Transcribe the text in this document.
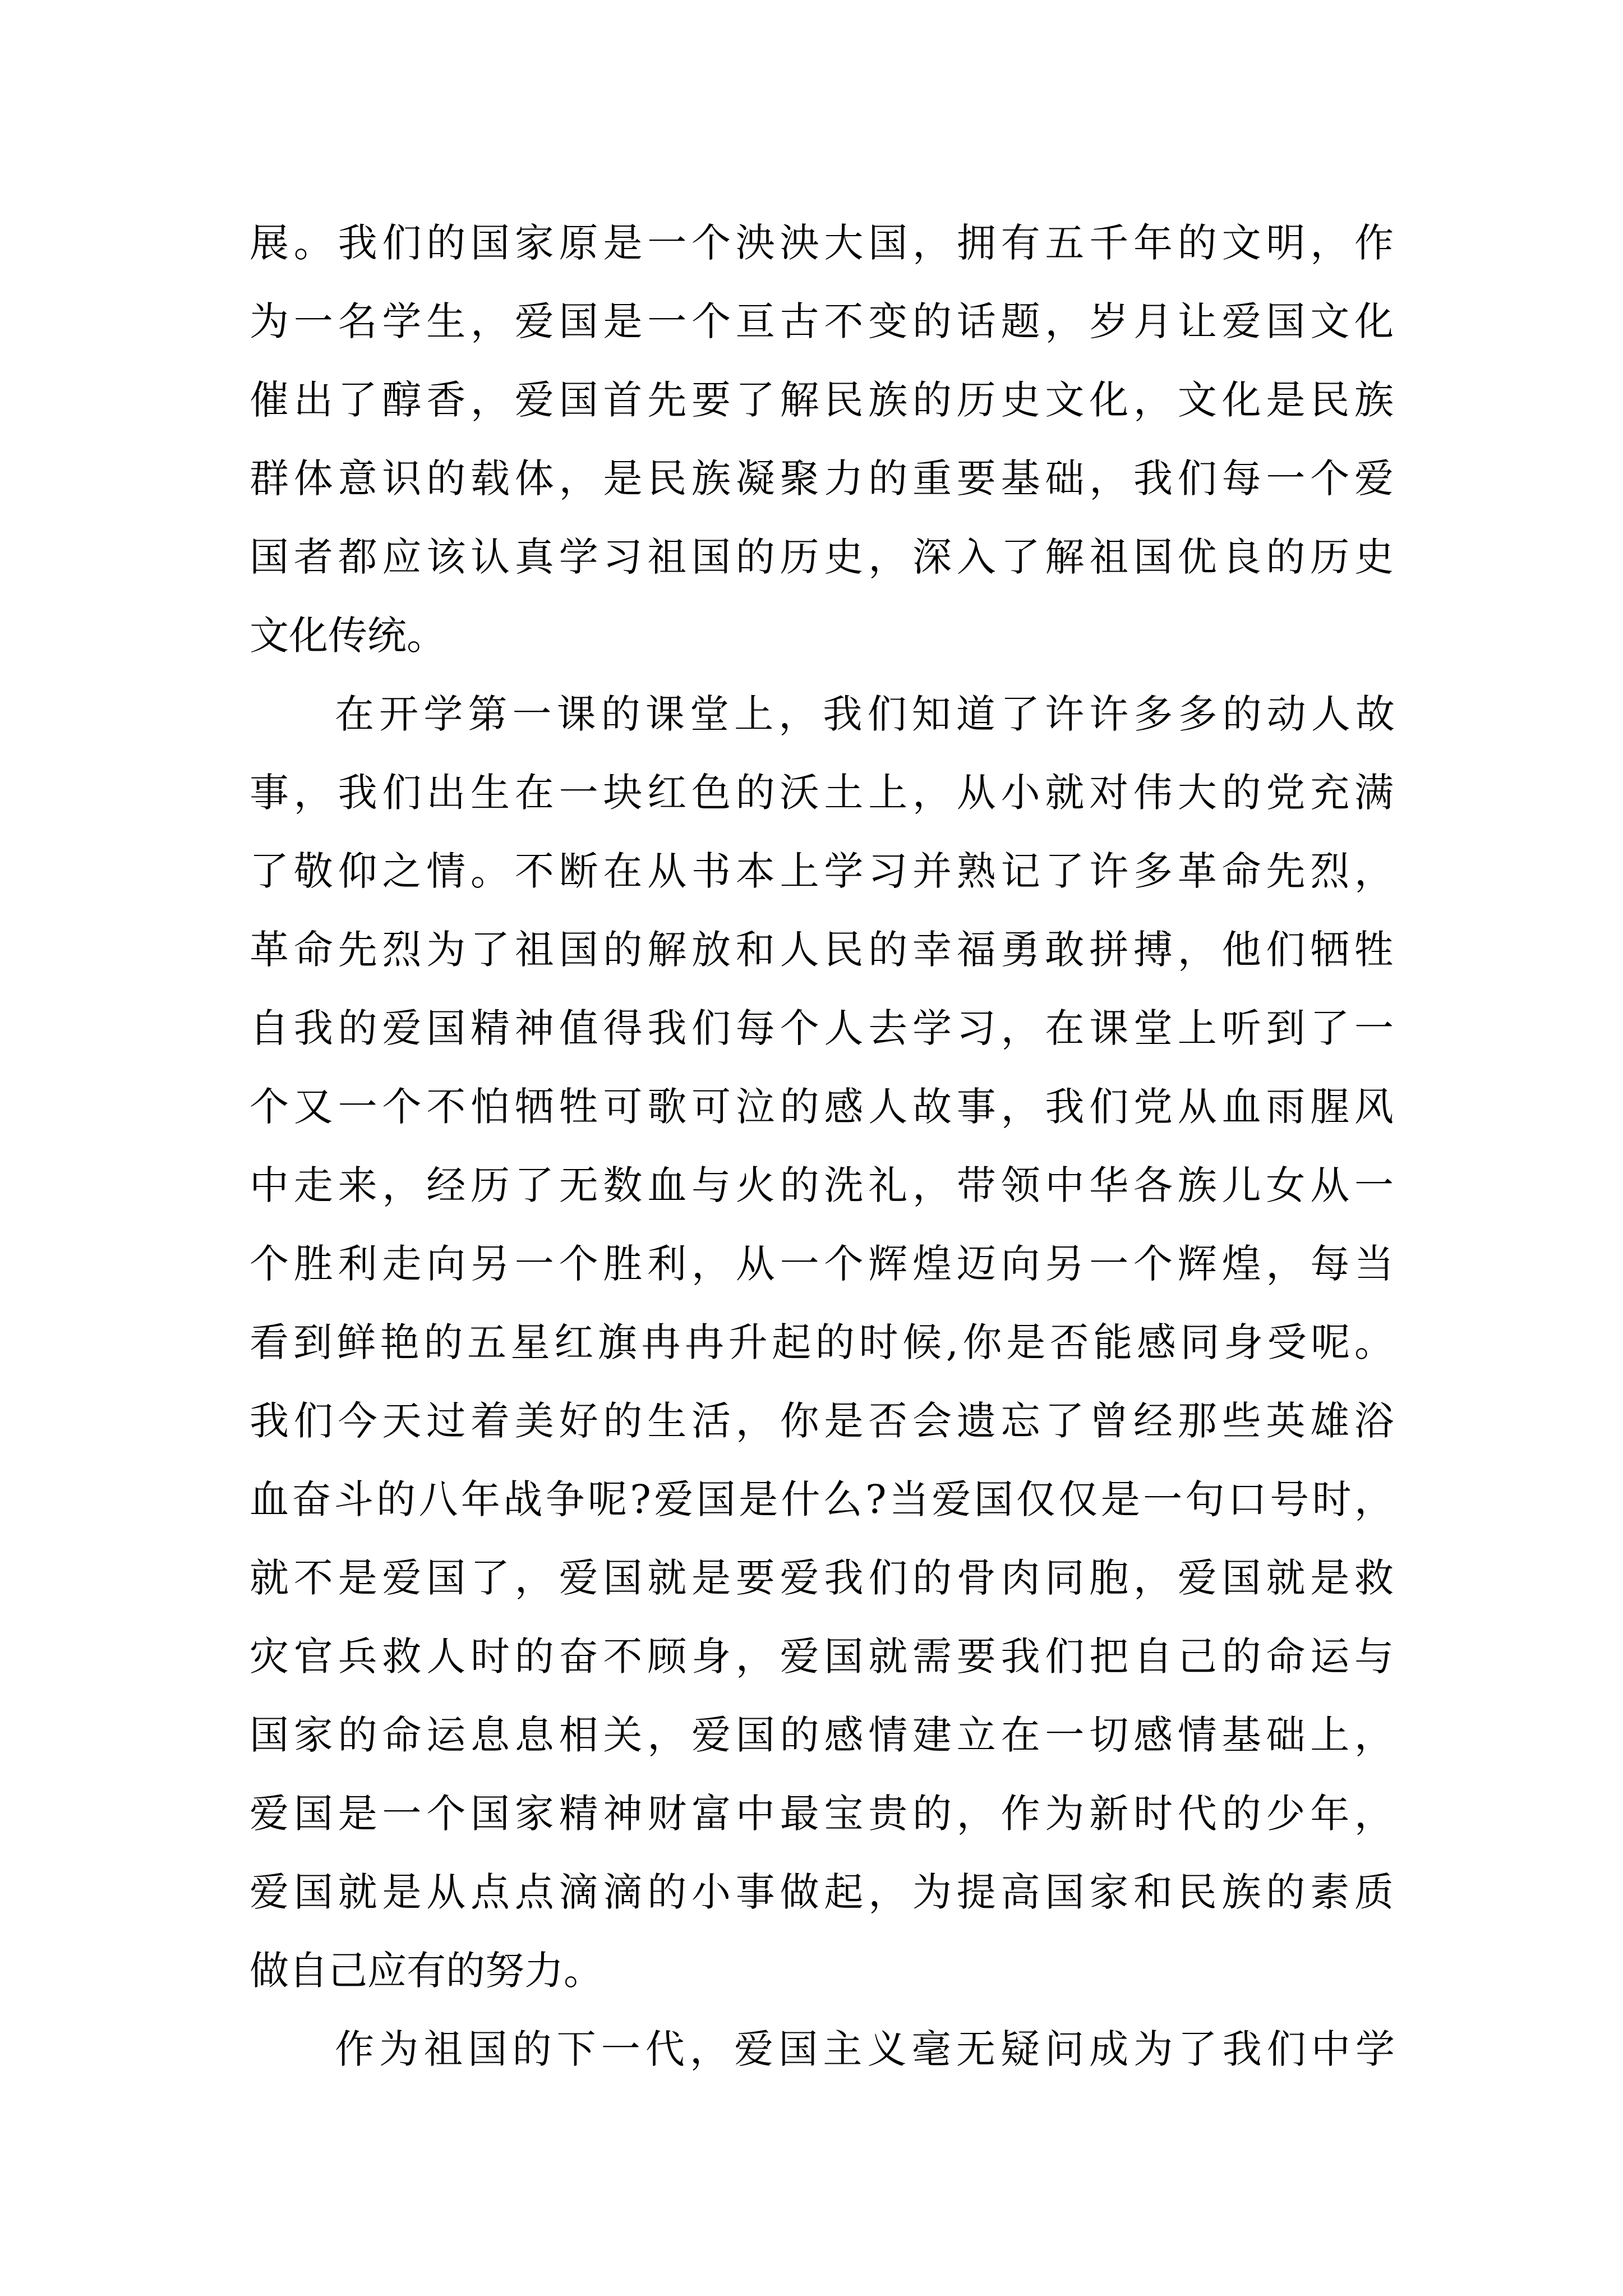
展。我们的国家原是一个泱泱大国，拥有五千年的文明，作
为一名学生，爱国是一个亘古不变的话题，岁月让爱国文化
催出了醇香，爱国首先要了解民族的历史文化，文化是民族
群体意识的载体，是民族凝聚力的重要基础，我们每一个爱
国者都应该认真学习祖国的历史，深入了解祖国优良的历史
文化传统。
在开学第一课的课堂上，我们知道了许许多多的动人故
事，我们出生在一块红色的沃土上，从小就对伟大的党充满
了敬仰之情。不断在从书本上学习并熟记了许多革命先烈，
革命先烈为了祖国的解放和人民的幸福勇敢拼搏，他们牺牲
自我的爱国精神值得我们每个人去学习，在课堂上听到了一
个又一个不怕牺牲可歌可泣的感人故事，我们党从血雨腥风
中走来，经历了无数血与火的洗礼，带领中华各族儿女从一
个胜利走向另一个胜利，从一个辉煌迈向另一个辉煌，每当
看到鲜艳的五星红旗冉冉升起的时候,你是否能感同身受呢。
我们今天过着美好的生活，你是否会遗忘了曾经那些英雄浴
血奋斗的八年战争呢?爱国是什么?当爱国仅仅是一句口号时，
就不是爱国了，爱国就是要爱我们的骨肉同胞，爱国就是救
灾官兵救人时的奋不顾身，爱国就需要我们把自己的命运与
国家的命运息息相关，爱国的感情建立在一切感情基础上，
爱国是一个国家精神财富中最宝贵的，作为新时代的少年，
爱国就是从点点滴滴的小事做起，为提高国家和民族的素质
做自己应有的努力。
作为祖国的下一代，爱国主义毫无疑问成为了我们中学
